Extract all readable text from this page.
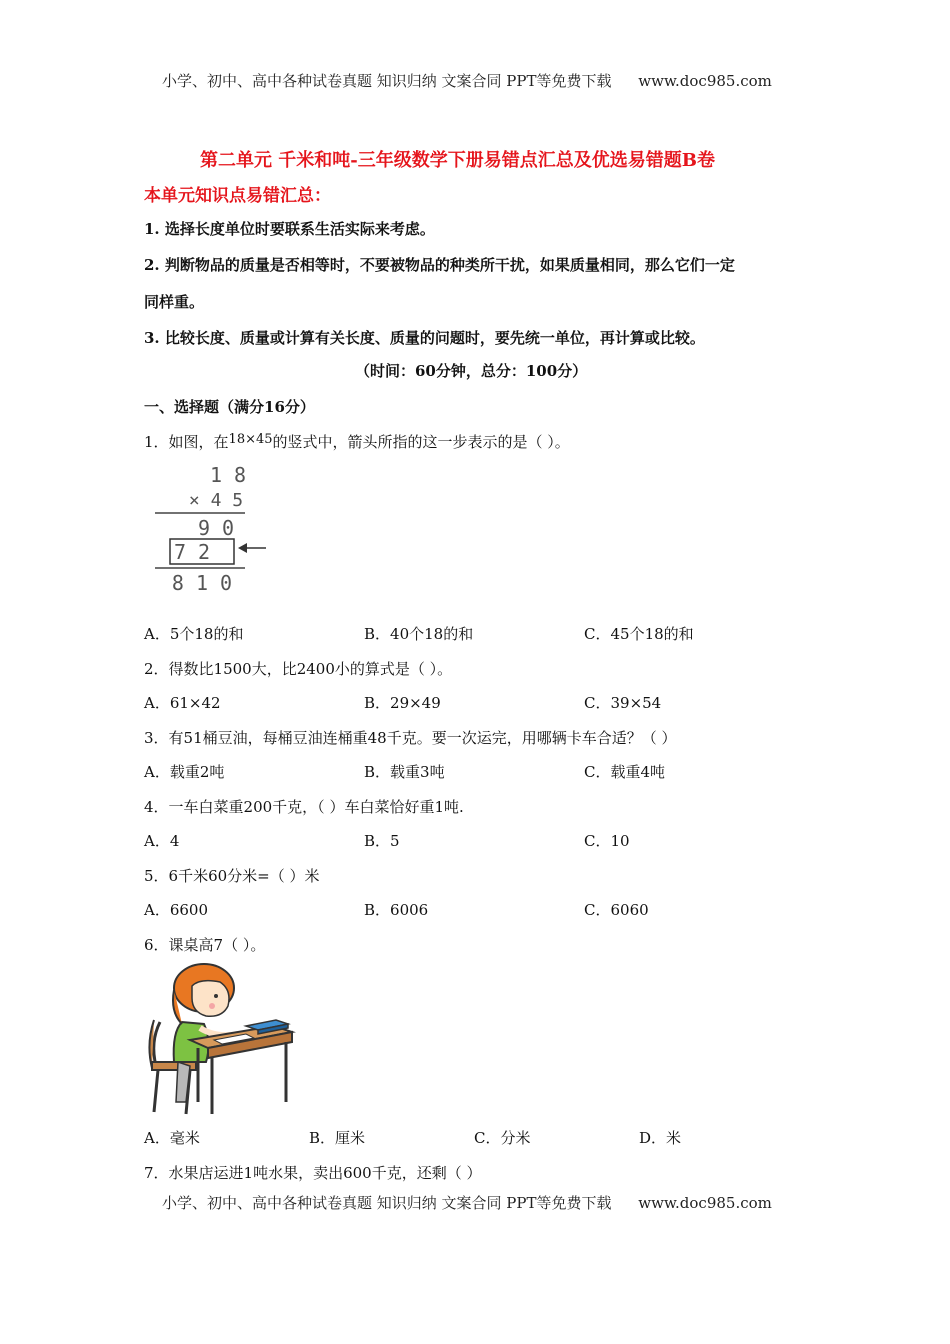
小学、初中、高中各种试卷真题 知识归纳 文案合同 PPT等免费下载 www.doc985.com
第二单元 千米和吨-三年级数学下册易错点汇总及优选易错题B卷
本单元知识点易错汇总：
1. 选择长度单位时要联系生活实际来考虑。
2. 判断物品的质量是否相等时，不要被物品的种类所干扰，如果质量相同，那么它们一定
同样重。
3. 比较长度、质量或计算有关长度、质量的问题时，要先统一单位，再计算或比较。
（时间：60分钟，总分：100分）
一、选择题（满分16分）
1．如图，在18×45的竖式中，箭头所指的这一步表示的是（ ）。
1 8
× 4 5
9 0
7 2
8 1 0
A．5个18的和	B．40个18的和	C．45个18的和
2．得数比1500大，比2400小的算式是（ ）。
A．61×42	B．29×49	C．39×54
3．有51桶豆油，每桶豆油连桶重48千克。要一次运完，用哪辆卡车合适？（ ）
A．载重2吨	B．载重3吨	C．载重4吨
4．一车白菜重200千克，（ ）车白菜恰好重1吨.
A．4	B．5	C．10
5．6千米60分米=（ ）米
A．6600	B．6006	C．6060
6．课桌高7（ ）。
A．毫米	B．厘米	C．分米	D．米
7．水果店运进1吨水果，卖出600千克，还剩（ ）
小学、初中、高中各种试卷真题 知识归纳 文案合同 PPT等免费下载 www.doc985.com
